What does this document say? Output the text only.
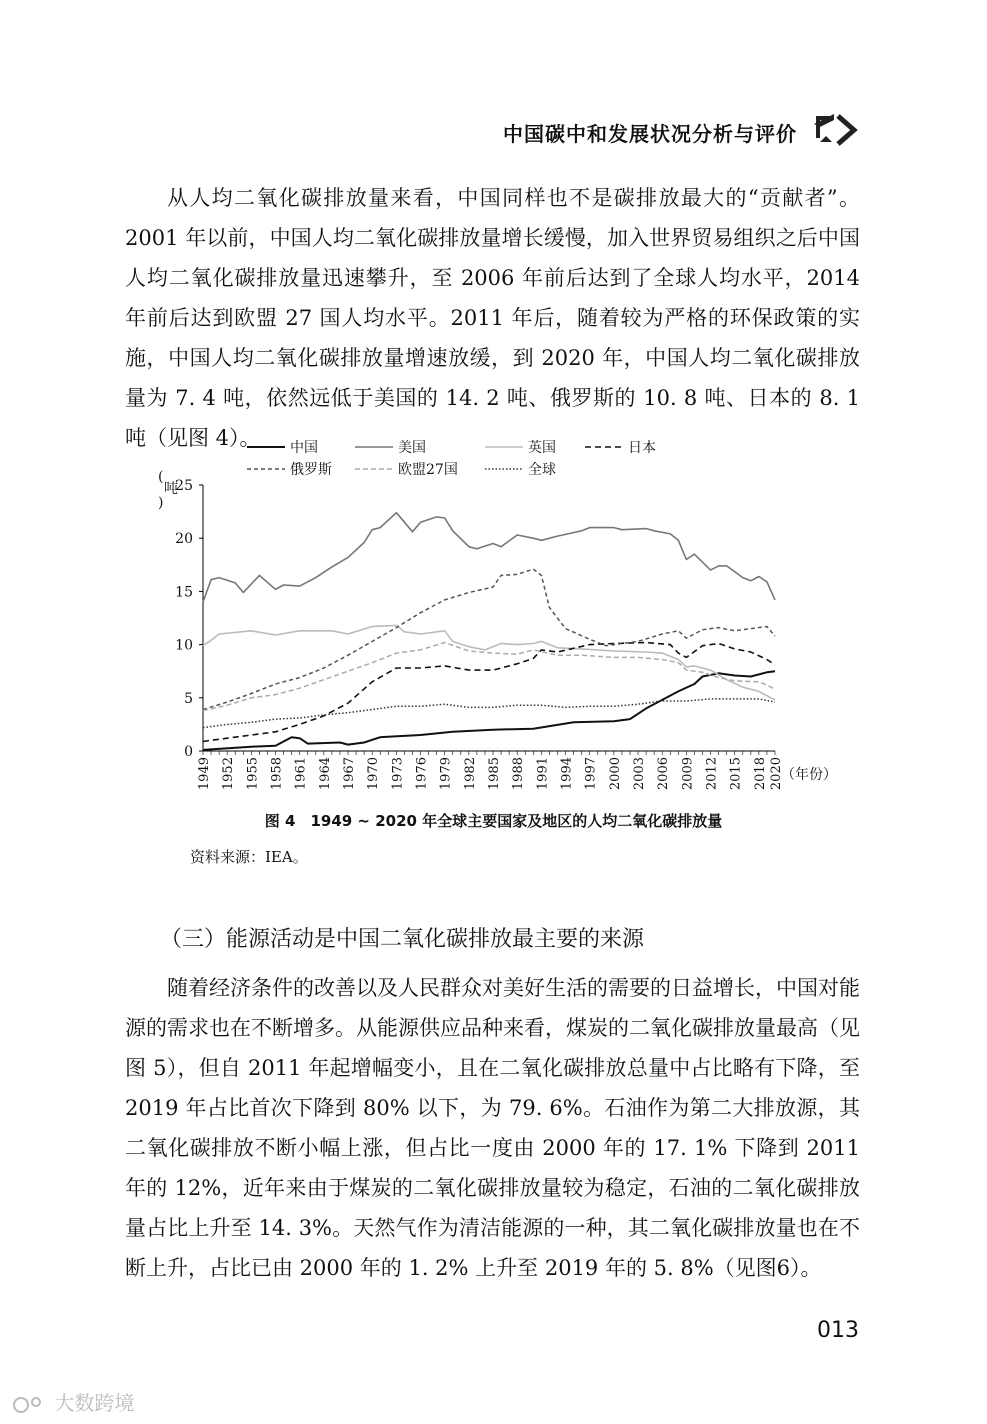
中国碳中和发展状况分析与评价

从人均二氧化碳排放量来看，中国同样也不是碳排放最大的“贡献者”。2001 年以前，中国人均二氧化碳排放量增长缓慢，加入世界贸易组织之后中国人均二氧化碳排放量迅速攀升，至 2006 年前后达到了全球人均水平，2014 年前后达到欧盟 27 国人均水平。2011 年后，随着较为严格的环保政策的实施，中国人均二氧化碳排放量增速放缓，到 2020 年，中国人均二氧化碳排放量为 7. 4 吨，依然远低于美国的 14. 2 吨、俄罗斯的 10. 8 吨、日本的 8. 1 吨（见图 4）。

0
5
10
15
20
25
吨
(
)
1949 1952 1955 1958 1961 1964 1967 1970 1973 1976 1979 1982 1985 1988 1991 1994 1997 2000 2003 2006 2009 2012 2015 2018 2020
（年份）
中国	美国	英国	日本
俄罗斯	欧盟27国	全球
图 4　1949 ~ 2020 年全球主要国家及地区的人均二氧化碳排放量
资料来源：IEA。
（三）能源活动是中国二氧化碳排放最主要的来源

随着经济条件的改善以及人民群众对美好生活的需要的日益增长，中国对能源的需求也在不断增多。从能源供应品种来看，煤炭的二氧化碳排放量最高（见图 5），但自 2011 年起增幅变小，且在二氧化碳排放总量中占比略有下降，至 2019 年占比首次下降到 80% 以下，为 79. 6%。石油作为第二大排放源，其二氧化碳排放不断小幅上涨，但占比一度由 2000 年的 17. 1% 下降到 2011 年的 12%，近年来由于煤炭的二氧化碳排放量较为稳定，石油的二氧化碳排放量占比上升至 14. 3%。天然气作为清洁能源的一种，其二氧化碳排放量也在不断上升，占比已由 2000 年的 1. 2% 上升至 2019 年的 5. 8%（见图6）。

013
大数跨境
